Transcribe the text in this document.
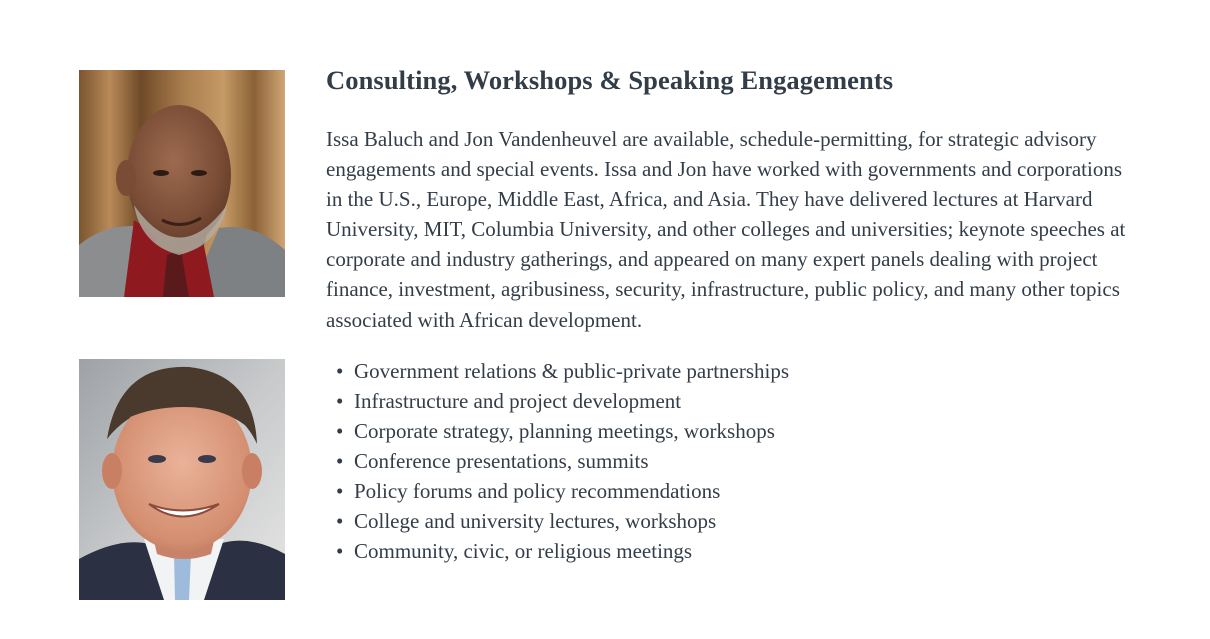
Consulting, Workshops & Speaking Engagements

Issa Baluch and Jon Vandenheuvel are available, schedule-permitting, for strategic advisory engagements and special events. Issa and Jon have worked with governments and corporations in the U.S., Europe, Middle East, Africa, and Asia. They have delivered lectures at Harvard University, MIT, Columbia University, and other colleges and universities; keynote speeches at corporate and industry gatherings, and appeared on many expert panels dealing with project finance, investment, agribusiness, security, infrastructure, public policy, and many other topics associated with African development.

• Government relations & public-private partnerships
• Infrastructure and project development
• Corporate strategy, planning meetings, workshops
• Conference presentations, summits
• Policy forums and policy recommendations
• College and university lectures, workshops
• Community, civic, or religious meetings
